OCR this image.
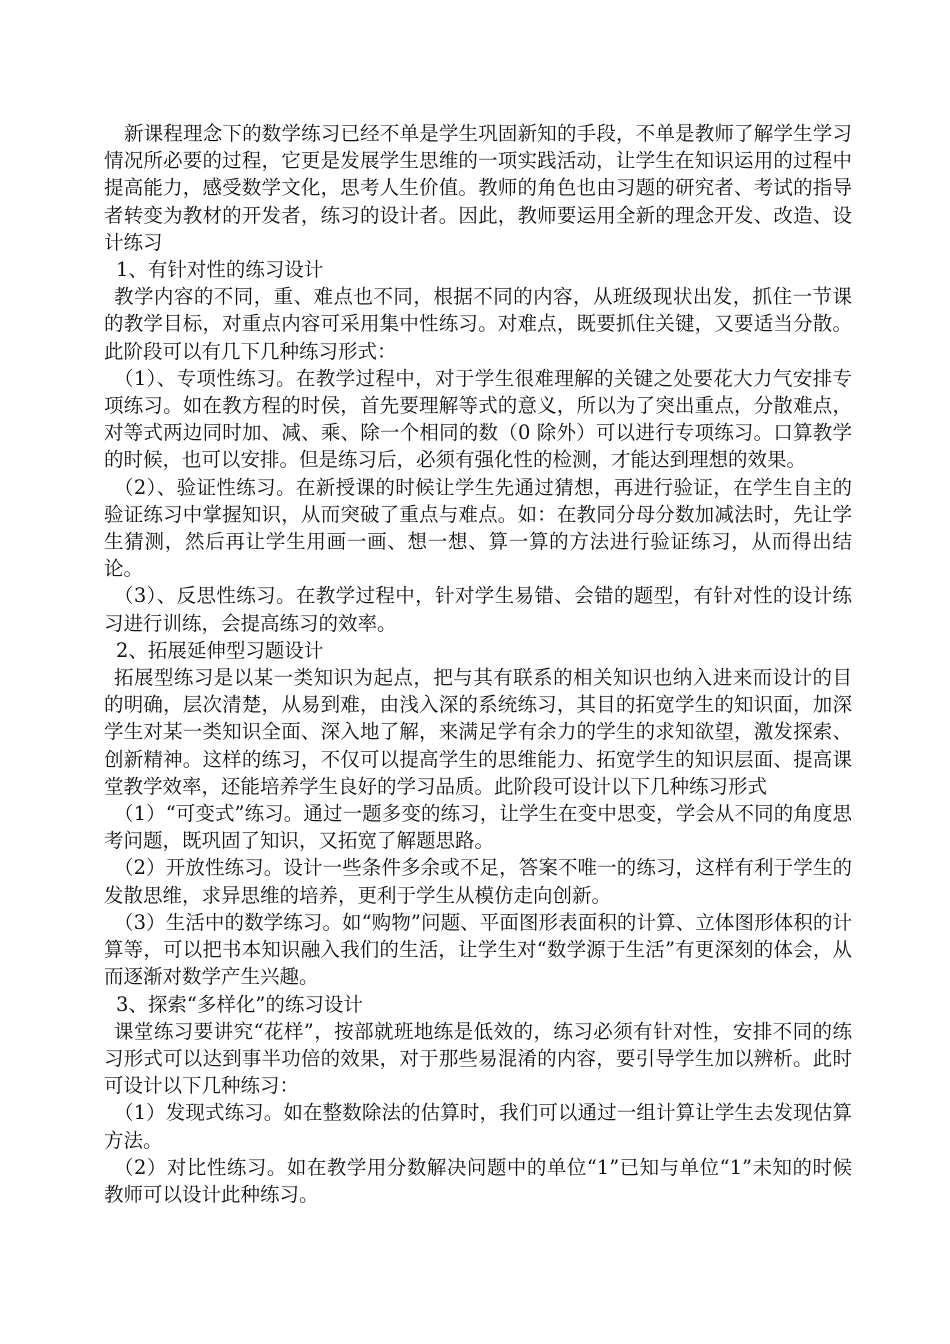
新课程理念下的数学练习已经不单是学生巩固新知的手段，不单是教师了解学生学习情况所必要的过程，它更是发展学生思维的一项实践活动，让学生在知识运用的过程中提高能力，感受数学文化，思考人生价值。教师的角色也由习题的研究者、考试的指导者转变为教材的开发者，练习的设计者。因此，教师要运用全新的理念开发、改造、设计练习

1、有针对性的练习设计

教学内容的不同，重、难点也不同，根据不同的内容，从班级现状出发，抓住一节课的教学目标，对重点内容可采用集中性练习。对难点，既要抓住关键，又要适当分散。此阶段可以有几下几种练习形式：

（1）、专项性练习。在教学过程中，对于学生很难理解的关键之处要花大力气安排专项练习。如在教方程的时侯，首先要理解等式的意义，所以为了突出重点，分散难点，对等式两边同时加、减、乘、除一个相同的数（0 除外）可以进行专项练习。口算教学的时候，也可以安排。但是练习后，必须有强化性的检测，才能达到理想的效果。

（2）、验证性练习。在新授课的时候让学生先通过猜想，再进行验证，在学生自主的验证练习中掌握知识，从而突破了重点与难点。如：在教同分母分数加减法时，先让学生猜测，然后再让学生用画一画、想一想、算一算的方法进行验证练习，从而得出结论。

（3）、反思性练习。在教学过程中，针对学生易错、会错的题型，有针对性的设计练习进行训练，会提高练习的效率。

2、拓展延伸型习题设计

拓展型练习是以某一类知识为起点，把与其有联系的相关知识也纳入进来而设计的目的明确，层次清楚，从易到难，由浅入深的系统练习，其目的拓宽学生的知识面，加深学生对某一类知识全面、深入地了解，来满足学有余力的学生的求知欲望，激发探索、创新精神。这样的练习，不仅可以提高学生的思维能力、拓宽学生的知识层面、提高课堂教学效率，还能培养学生良好的学习品质。此阶段可设计以下几种练习形式

（1）“可变式”练习。通过一题多变的练习，让学生在变中思变，学会从不同的角度思考问题，既巩固了知识，又拓宽了解题思路。

（2）开放性练习。设计一些条件多余或不足，答案不唯一的练习，这样有利于学生的发散思维，求异思维的培养，更利于学生从模仿走向创新。

（3）生活中的数学练习。如“购物”问题、平面图形表面积的计算、立体图形体积的计算等，可以把书本知识融入我们的生活，让学生对“数学源于生活”有更深刻的体会，从而逐渐对数学产生兴趣。

3、探索“多样化”的练习设计

课堂练习要讲究“花样”，按部就班地练是低效的，练习必须有针对性，安排不同的练习形式可以达到事半功倍的效果，对于那些易混淆的内容，要引导学生加以辨析。此时可设计以下几种练习：

（1）发现式练习。如在整数除法的估算时，我们可以通过一组计算让学生去发现估算方法。

（2）对比性练习。如在教学用分数解决问题中的单位“1”已知与单位“1”未知的时候教师可以设计此种练习。
